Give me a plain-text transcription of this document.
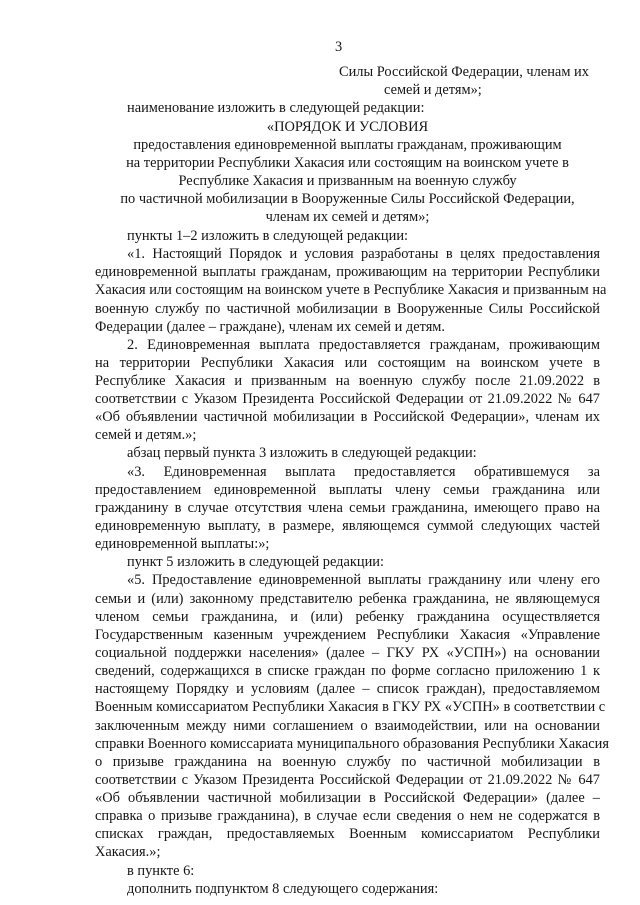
3
Силы Российской Федерации, членам их
семей и детям»;
наименование изложить в следующей редакции:
«ПОРЯДОК И УСЛОВИЯ
предоставления единовременной выплаты гражданам, проживающим
на территории Республики Хакасия или состоящим на воинском учете в
Республике Хакасия и призванным на военную службу
по частичной мобилизации в Вооруженные Силы Российской Федерации,
членам их семей и детям»;
пункты 1–2 изложить в следующей редакции:
«1. Настоящий Порядок и условия разработаны в целях предоставления
единовременной выплаты гражданам, проживающим на территории Республики
Хакасия или состоящим на воинском учете в Республике Хакасия и призванным на
военную службу по частичной мобилизации в Вооруженные Силы Российской
Федерации (далее – граждане), членам их семей и детям.
2. Единовременная выплата предоставляется гражданам, проживающим
на территории Республики Хакасия или состоящим на воинском учете в
Республике Хакасия и призванным на военную службу после 21.09.2022 в
соответствии с Указом Президента Российской Федерации от 21.09.2022 № 647
«Об объявлении частичной мобилизации в Российской Федерации», членам их
семей и детям.»;
абзац первый пункта 3 изложить в следующей редакции:
«3. Единовременная выплата предоставляется обратившемуся за
предоставлением единовременной выплаты члену семьи гражданина или
гражданину в случае отсутствия члена семьи гражданина, имеющего право на
единовременную выплату, в размере, являющемся суммой следующих частей
единовременной выплаты:»;
пункт 5 изложить в следующей редакции:
«5. Предоставление единовременной выплаты гражданину или члену его
семьи и (или) законному представителю ребенка гражданина, не являющемуся
членом семьи гражданина, и (или) ребенку гражданина осуществляется
Государственным казенным учреждением Республики Хакасия «Управление
социальной поддержки населения» (далее – ГКУ РХ «УСПН») на основании
сведений, содержащихся в списке граждан по форме согласно приложению 1 к
настоящему Порядку и условиям (далее – список граждан), предоставляемом
Военным комиссариатом Республики Хакасия в ГКУ РХ «УСПН» в соответствии с
заключенным между ними соглашением о взаимодействии, или на основании
справки Военного комиссариата муниципального образования Республики Хакасия
о призыве гражданина на военную службу по частичной мобилизации в
соответствии с Указом Президента Российской Федерации от 21.09.2022 № 647
«Об объявлении частичной мобилизации в Российской Федерации» (далее –
справка о призыве гражданина), в случае если сведения о нем не содержатся в
списках граждан, предоставляемых Военным комиссариатом Республики
Хакасия.»;
в пункте 6:
дополнить подпунктом 8 следующего содержания:
